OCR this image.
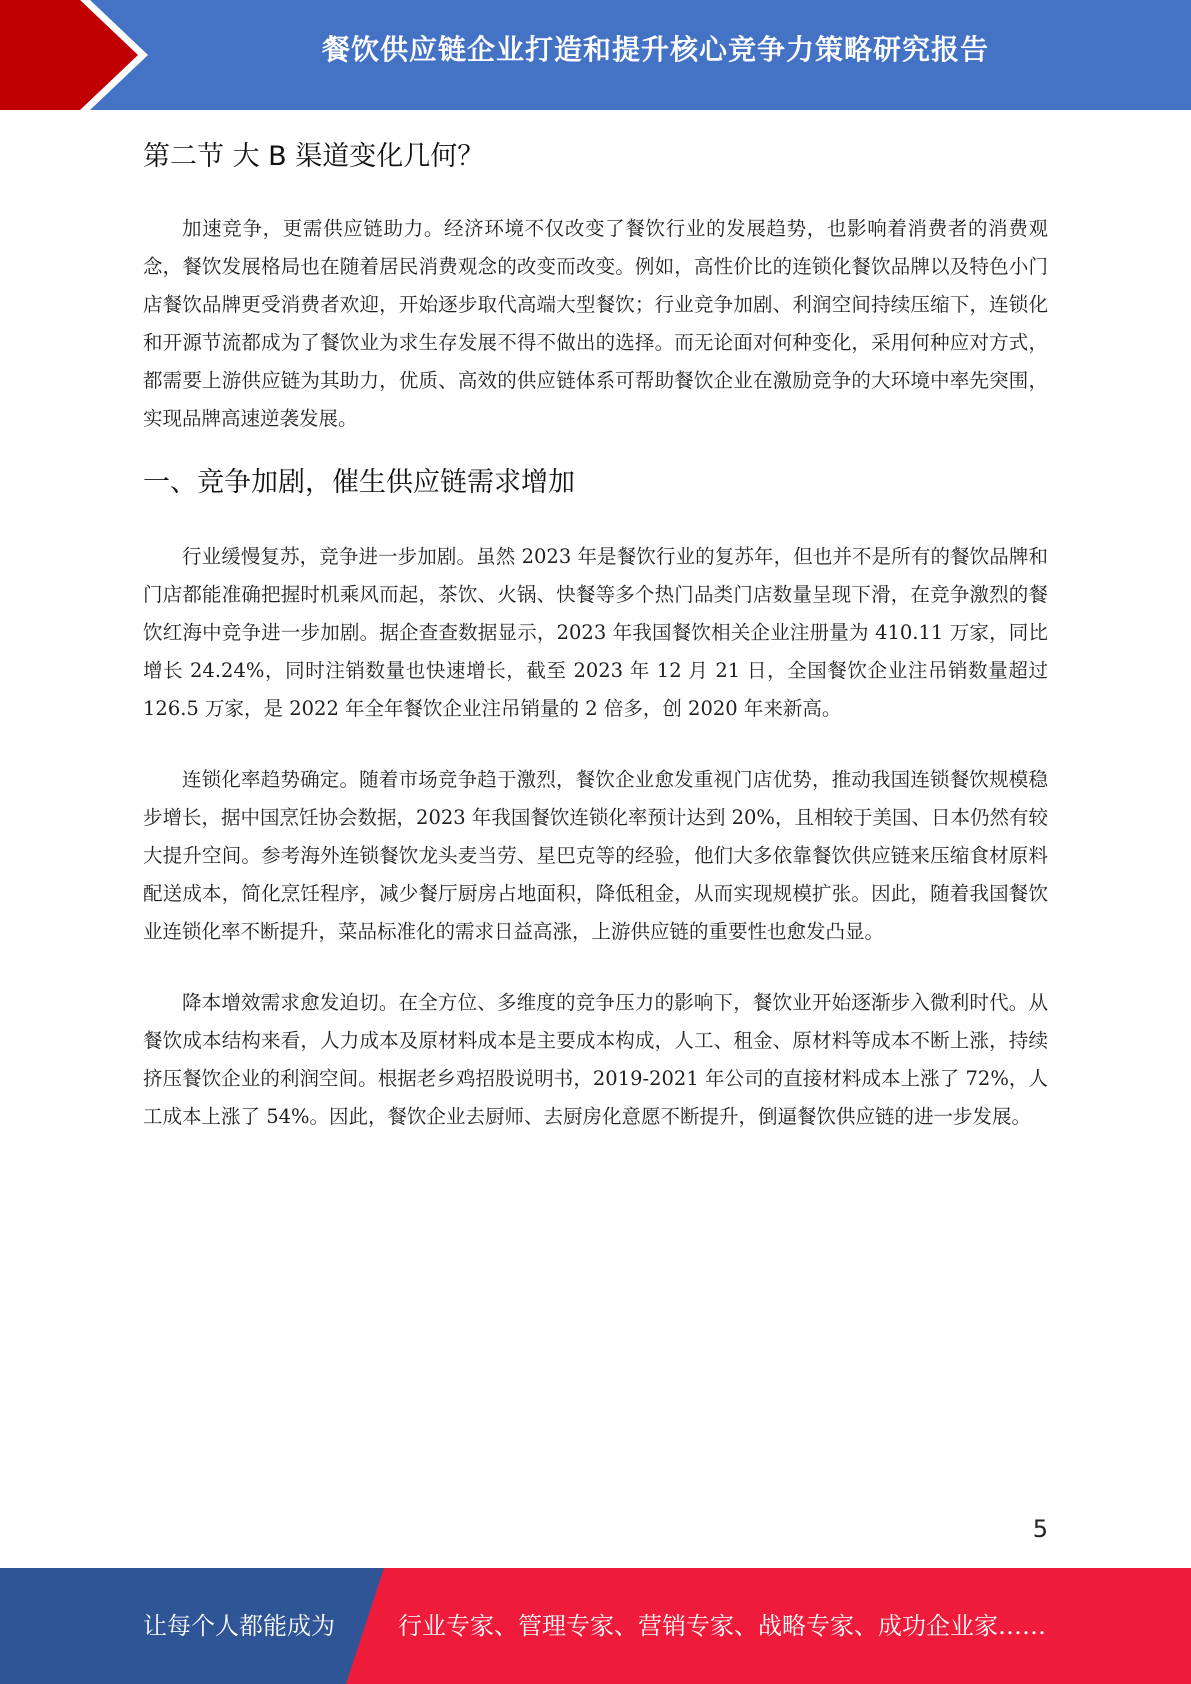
餐饮供应链企业打造和提升核心竞争力策略研究报告
第二节 大 B 渠道变化几何？

加速竞争，更需供应链助力。经济环境不仅改变了餐饮行业的发展趋势，也影响着消费者的消费观念，餐饮发展格局也在随着居民消费观念的改变而改变。例如，高性价比的连锁化餐饮品牌以及特色小门店餐饮品牌更受消费者欢迎，开始逐步取代高端大型餐饮；行业竞争加剧、利润空间持续压缩下，连锁化和开源节流都成为了餐饮业为求生存发展不得不做出的选择。而无论面对何种变化，采用何种应对方式，都需要上游供应链为其助力，优质、高效的供应链体系可帮助餐饮企业在激励竞争的大环境中率先突围，实现品牌高速逆袭发展。

一、竞争加剧，催生供应链需求增加

行业缓慢复苏，竞争进一步加剧。虽然 2023 年是餐饮行业的复苏年，但也并不是所有的餐饮品牌和门店都能准确把握时机乘风而起，茶饮、火锅、快餐等多个热门品类门店数量呈现下滑，在竞争激烈的餐饮红海中竞争进一步加剧。据企查查数据显示，2023 年我国餐饮相关企业注册量为 410.11 万家，同比增长 24.24%，同时注销数量也快速增长，截至 2023 年 12 月 21 日，全国餐饮企业注吊销数量超过 126.5 万家，是 2022 年全年餐饮企业注吊销量的 2 倍多，创 2020 年来新高。

连锁化率趋势确定。随着市场竞争趋于激烈，餐饮企业愈发重视门店优势，推动我国连锁餐饮规模稳步增长，据中国烹饪协会数据，2023 年我国餐饮连锁化率预计达到 20%，且相较于美国、日本仍然有较大提升空间。参考海外连锁餐饮龙头麦当劳、星巴克等的经验，他们大多依靠餐饮供应链来压缩食材原料配送成本，简化烹饪程序，减少餐厅厨房占地面积，降低租金，从而实现规模扩张。因此，随着我国餐饮业连锁化率不断提升，菜品标准化的需求日益高涨，上游供应链的重要性也愈发凸显。

降本增效需求愈发迫切。在全方位、多维度的竞争压力的影响下，餐饮业开始逐渐步入微利时代。从餐饮成本结构来看，人力成本及原材料成本是主要成本构成，人工、租金、原材料等成本不断上涨，持续挤压餐饮企业的利润空间。根据老乡鸡招股说明书，2019-2021 年公司的直接材料成本上涨了 72%，人工成本上涨了 54%。因此，餐饮企业去厨师、去厨房化意愿不断提升，倒逼餐饮供应链的进一步发展。

5
让每个人都能成为	行业专家、管理专家、营销专家、战略专家、成功企业家……
